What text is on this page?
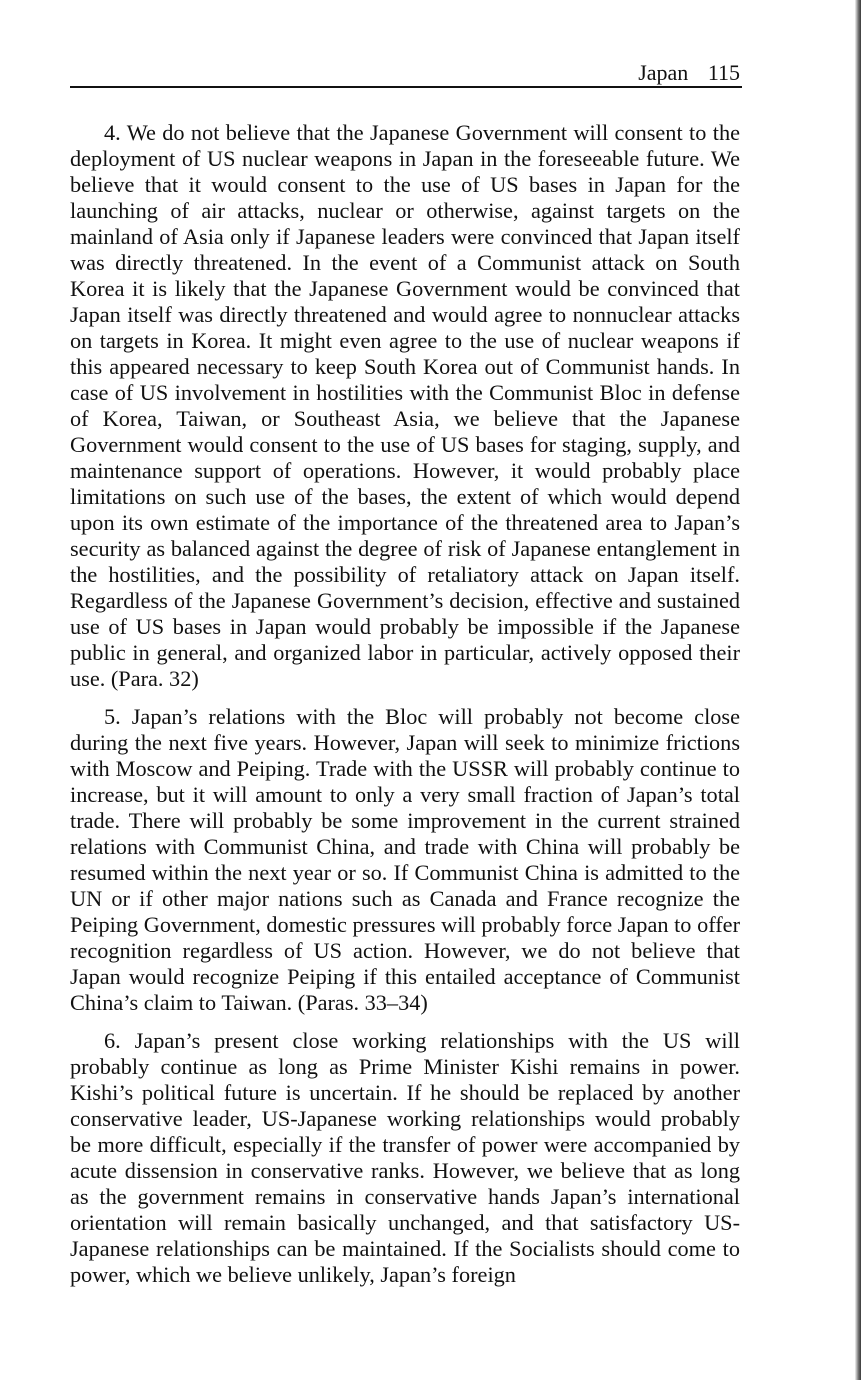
Japan 115

4. We do not believe that the Japanese Government will consent to the deployment of US nuclear weapons in Japan in the foreseeable future. We believe that it would consent to the use of US bases in Japan for the launching of air attacks, nuclear or otherwise, against targets on the mainland of Asia only if Japanese leaders were convinced that Japan itself was directly threatened. In the event of a Communist attack on South Korea it is likely that the Japanese Government would be convinced that Japan itself was directly threatened and would agree to nonnuclear attacks on targets in Korea. It might even agree to the use of nuclear weapons if this appeared necessary to keep South Korea out of Communist hands. In case of US involvement in hostilities with the Communist Bloc in defense of Korea, Taiwan, or Southeast Asia, we believe that the Japanese Government would consent to the use of US bases for staging, supply, and maintenance support of operations. However, it would probably place limitations on such use of the bases, the extent of which would depend upon its own estimate of the importance of the threatened area to Japan’s security as balanced against the degree of risk of Japanese entanglement in the hostilities, and the possibility of retaliatory attack on Japan itself. Regardless of the Japanese Government’s decision, effective and sustained use of US bases in Japan would probably be impossible if the Japanese public in general, and organized labor in particular, actively opposed their use. (Para. 32)

5. Japan’s relations with the Bloc will probably not become close during the next five years. However, Japan will seek to minimize frictions with Moscow and Peiping. Trade with the USSR will probably continue to increase, but it will amount to only a very small fraction of Japan’s total trade. There will probably be some improvement in the current strained relations with Communist China, and trade with China will probably be resumed within the next year or so. If Communist China is admitted to the UN or if other major nations such as Canada and France recognize the Peiping Government, domestic pressures will probably force Japan to offer recognition regardless of US action. However, we do not believe that Japan would recognize Peiping if this entailed acceptance of Communist China’s claim to Taiwan. (Paras. 33–34)

6. Japan’s present close working relationships with the US will probably continue as long as Prime Minister Kishi remains in power. Kishi’s political future is uncertain. If he should be replaced by another conservative leader, US-Japanese working relationships would probably be more difficult, especially if the transfer of power were accompanied by acute dissension in conservative ranks. However, we believe that as long as the government remains in conservative hands Japan’s international orientation will remain basically unchanged, and that satisfactory US-Japanese relationships can be maintained. If the Socialists should come to power, which we believe unlikely, Japan’s foreign
